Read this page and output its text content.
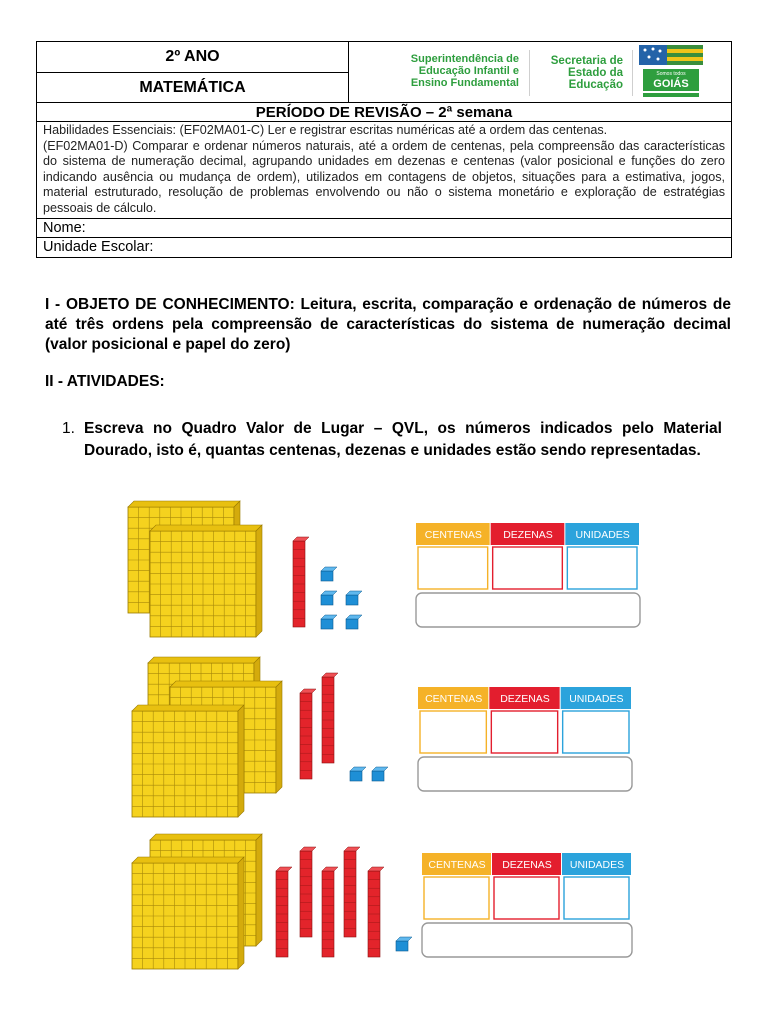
2º ANO
MATEMÁTICA
Superintendência de
Educação Infantil e
Ensino Fundamental
Secretaria de
Estado da
Educação
Somos todos
GOIÁS
PERÍODO DE REVISÃO – 2ª semana

Habilidades Essenciais: (EF02MA01-C) Ler e registrar escritas numéricas até a ordem das centenas.

(EF02MA01-D) Comparar e ordenar números naturais, até a ordem de centenas, pela compreensão das características do sistema de numeração decimal, agrupando unidades em dezenas e centenas (valor posicional e funções do zero indicando ausência ou mudança de ordem), utilizados em contagens de objetos, situações para a estimativa, jogos, material estruturado, resolução de problemas envolvendo ou não o sistema monetário e exploração de estratégias pessoais de cálculo.

Nome:
Unidade Escolar:
I - OBJETO DE CONHECIMENTO: Leitura, escrita, comparação e ordenação de números de até três ordens pela compreensão de características do sistema de numeração decimal (valor posicional e papel do zero)
II - ATIVIDADES:
1. Escreva no Quadro Valor de Lugar – QVL, os números indicados pelo Material Dourado, isto é, quantas centenas, dezenas e unidades estão sendo representadas.
CENTENAS DEZENAS UNIDADES
CENTENAS DEZENAS UNIDADES
CENTENAS DEZENAS UNIDADES
